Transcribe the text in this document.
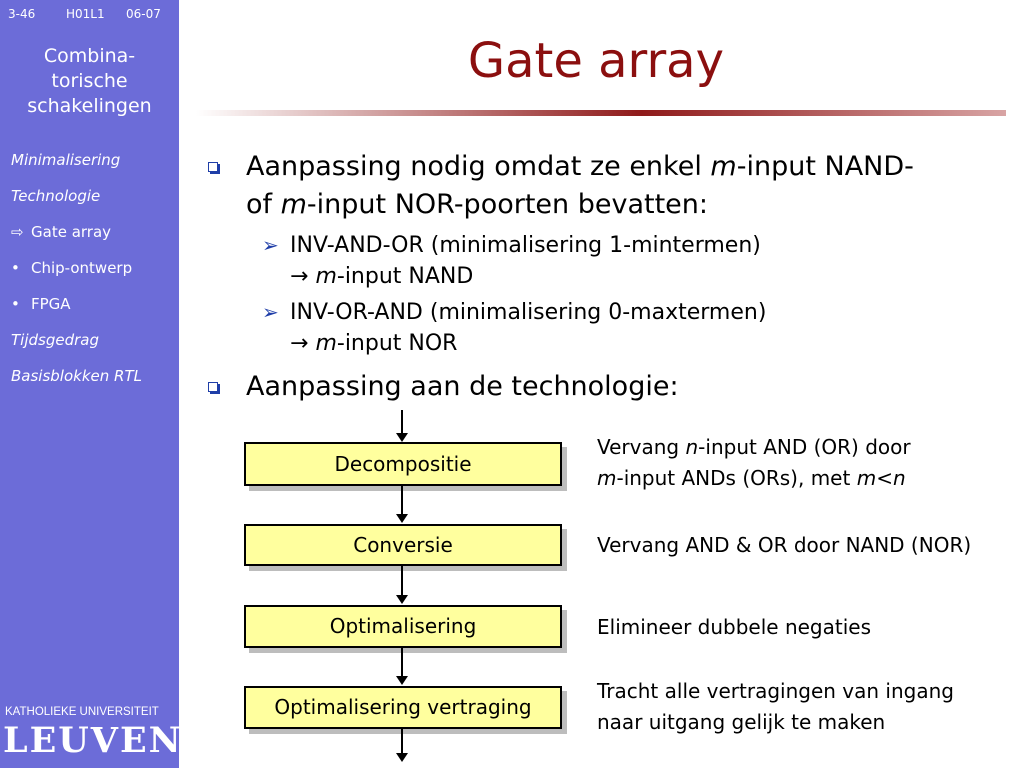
3-46	H01L1 06-07
Combina-
torische
schakelingen
Minimalisering
Technologie
⇨ Gate array
• Chip-ontwerp
• FPGA
Tijdsgedrag
Basisblokken RTL
KATHOLIEKE UNIVERSITEIT
LEUVEN
Gate array
Aanpassing nodig omdat ze enkel m-input NAND-
of m-input NOR-poorten bevatten:
➢ INV-AND-OR (minimalisering 1-mintermen)
→ m-input NAND
➢ INV-OR-AND (minimalisering 0-maxtermen)
→ m-input NOR
Aanpassing aan de technologie:
Decompositie
Conversie
Optimalisering
Optimalisering vertraging
Vervang n-input AND (OR) door
m-input ANDs (ORs), met m<n
Vervang AND & OR door NAND (NOR)
Elimineer dubbele negaties
Tracht alle vertragingen van ingang
naar uitgang gelijk te maken
